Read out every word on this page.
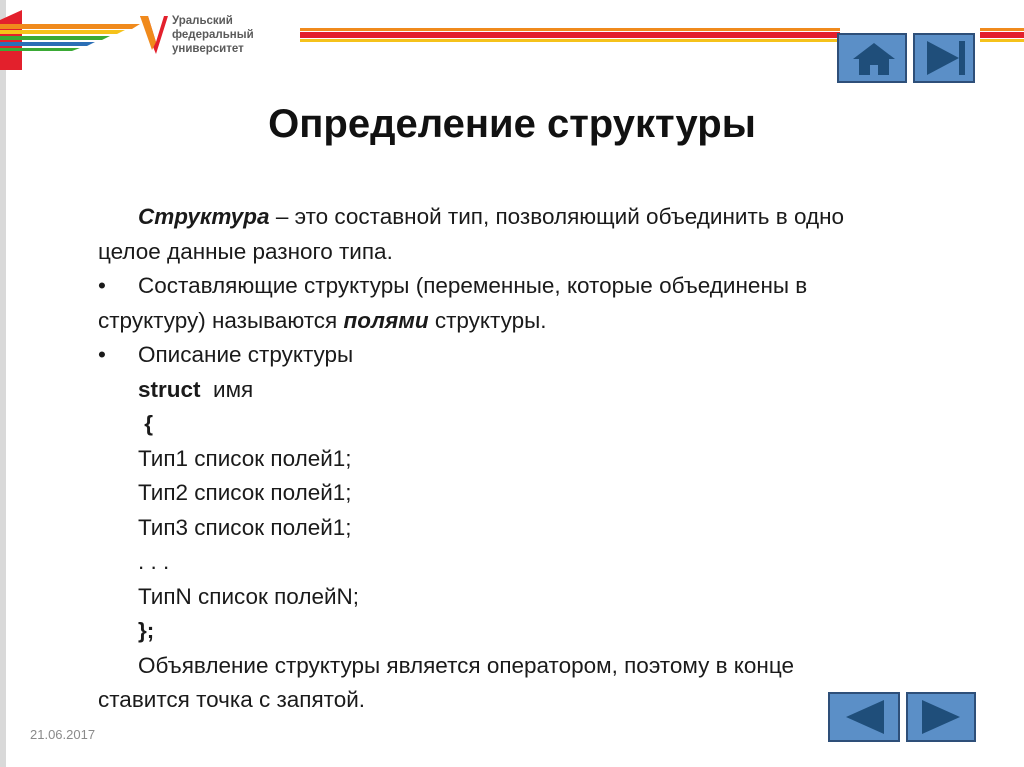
Уральский
федеральный
университет
Определение структуры
Структура – это составной тип, позволяющий объединить в одно
целое данные разного типа.
• Составляющие структуры (переменные, которые объединены в
структуру) называются полями структуры.
• Описание структуры
struct  имя
{
Тип1 список полей1;
Тип2 список полей1;
Тип3 список полей1;
. . .
ТипN список полейN;
};
Объявление структуры является оператором, поэтому в конце
ставится точка с запятой.
21.06.2017
